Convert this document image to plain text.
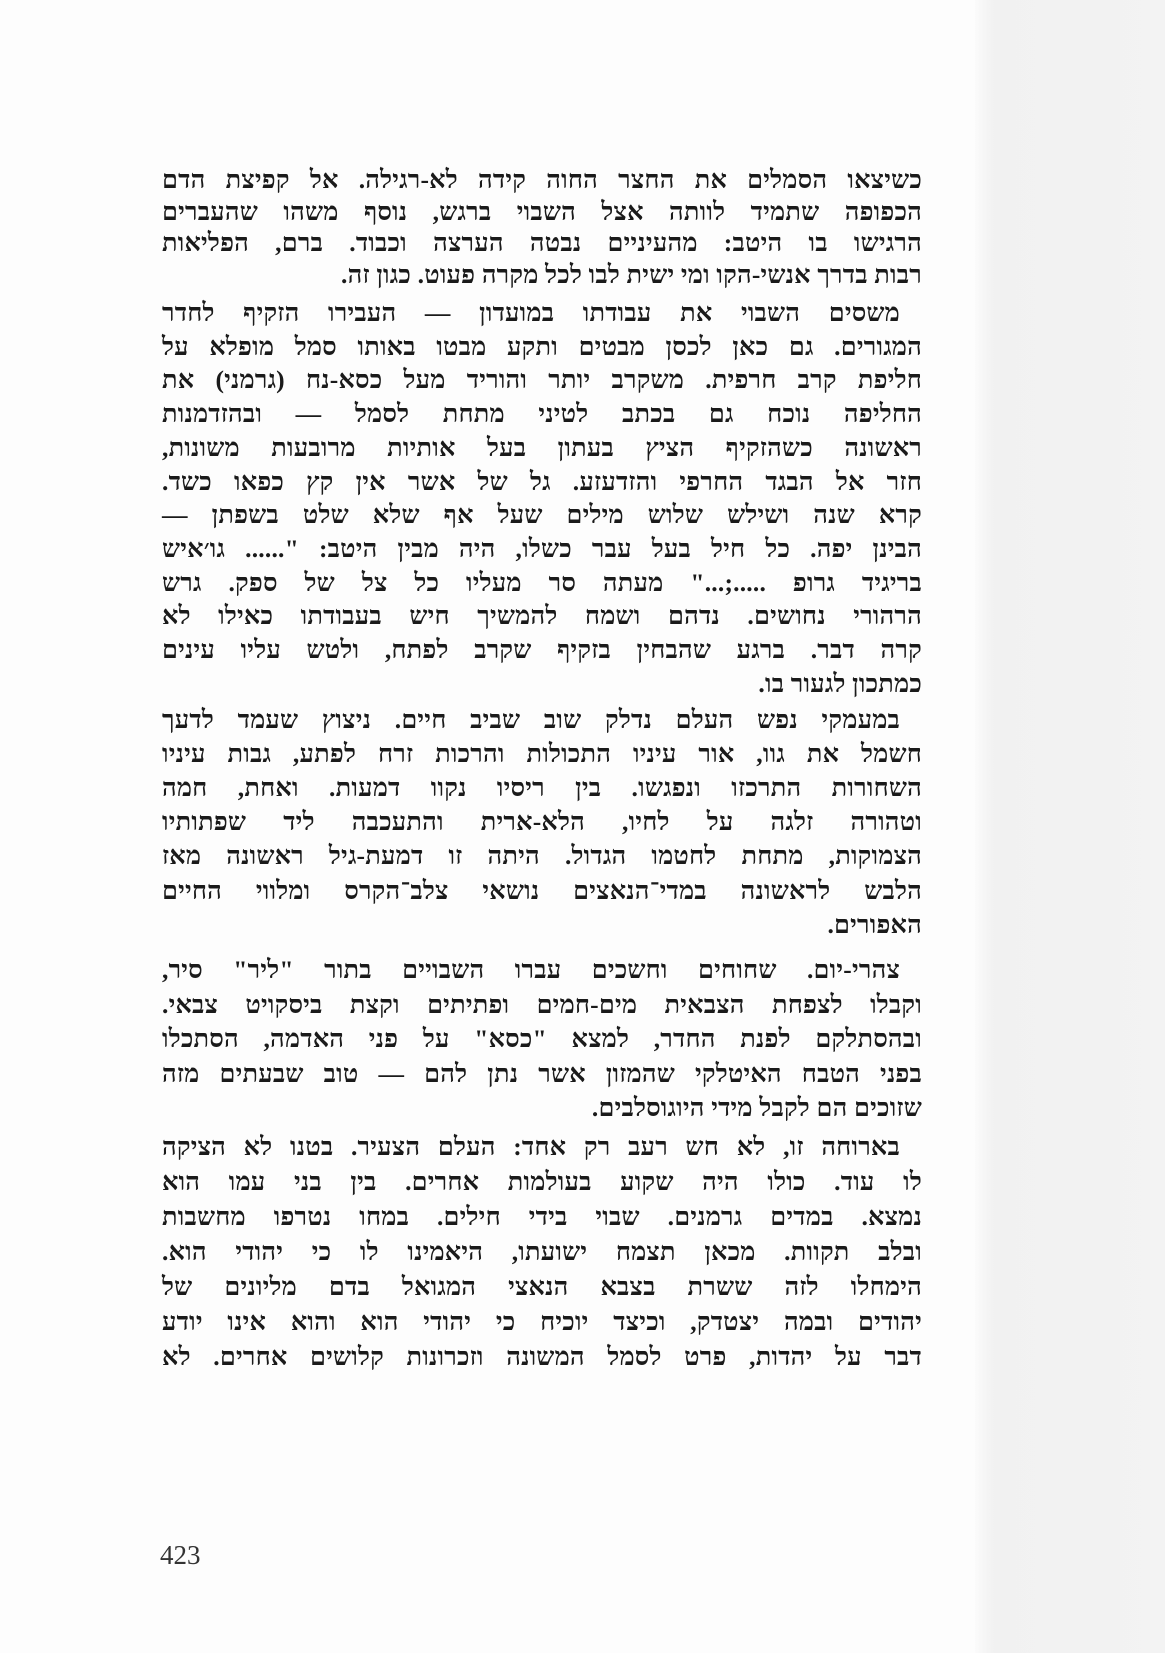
423
כשיצאו הסמלים את החצר החוה קידה לא-רגילה. אל קפיצת הדם
הכפופה שתמיד לוותה אצל השבוי ברגש, נוסף משהו שהעברים
הרגישו בו היטב: מהעיניים נבטה הערצה וכבוד. ברם, הפליאות
רבות בדרך אנשי-הקו ומי ישית לבו לכל מקרה פעוט. כגון זה.
משסים השבוי את עבודתו במועדון — העבירו הזקיף לחדר
המגורים. גם כאן לכסן מבטים ותקע מבטו באותו סמל מופלא על
חליפת קרב חרפית. משקרב יותר והוריד מעל כסא-נח (גרמני) את
החליפה נוכח גם בכתב לטיני מתחת לסמל — ובהזדמנות
ראשונה כשהזקיף הציץ בעתון בעל אותיות מרובעות משונות,
חזר אל הבגד החרפי והזדעזע. גל של אשר אין קץ כפאו כשד.
קרא שנה ושילש שלוש מילים שעל אף שלא שלט בשפתן —
הבינן יפה. כל חיל בעל עבר כשלו, היה מבין היטב: "...... גו׳איש
בריגיד גרופ .....;..." מעתה סר מעליו כל צל של ספק. גרש
הרהורי נחושים. נדהם ושמח להמשיך חיש בעבודתו כאילו לא
קרה דבר. ברגע שהבחין בזקיף שקרב לפתח, ולטש עליו עינים
כמתכון לגעור בו.
במעמקי נפש העלם נדלק שוב שביב חיים. ניצוץ שעמד לדעך
חשמל את גוו, אור עיניו התכולות והרכות זרח לפתע, גבות עיניו
השחורות התרכזו ונפגשו. בין ריסיו נקוו דמעות. ואחת, חמה
וטהורה זלגה על לחיו, הלא-ארית והתעכבה ליד שפתותיו
הצמוקות, מתחת לחטמו הגדול. היתה זו דמעת-גיל ראשונה מאז
הלבש לראשונה במדי־הנאצים נושאי צלב־הקרס ומלווי החיים
האפורים.
צהרי-יום. שחוחים וחשכים עברו השבויים בתור "ליר" סיר,
וקבלו לצפחת הצבאית מים-חמים ופתיתים וקצת ביסקויט צבאי.
ובהסתלקם לפנת החדר, למצא "כסא" על פני האדמה, הסתכלו
בפני הטבח האיטלקי שהמזון אשר נתן להם — טוב שבעתים מזה
שזוכים הם לקבל מידי היוגוסלבים.
בארוחה זו, לא חש רעב רק אחד: העלם הצעיר. בטנו לא הציקה
לו עוד. כולו היה שקוע בעולמות אחרים. בין בני עמו הוא
נמצא. במדים גרמנים. שבוי בידי חילים. במחו נטרפו מחשבות
ובלב תקוות. מכאן תצמח ישועתו, היאמינו לו כי יהודי הוא.
הימחלו לזה ששרת בצבא הנאצי המגואל בדם מליונים של
יהודים ובמה יצטדק, וכיצד יוכיח כי יהודי הוא והוא אינו יודע
דבר על יהדות, פרט לסמל המשונה וזכרונות קלושים אחרים. לא
